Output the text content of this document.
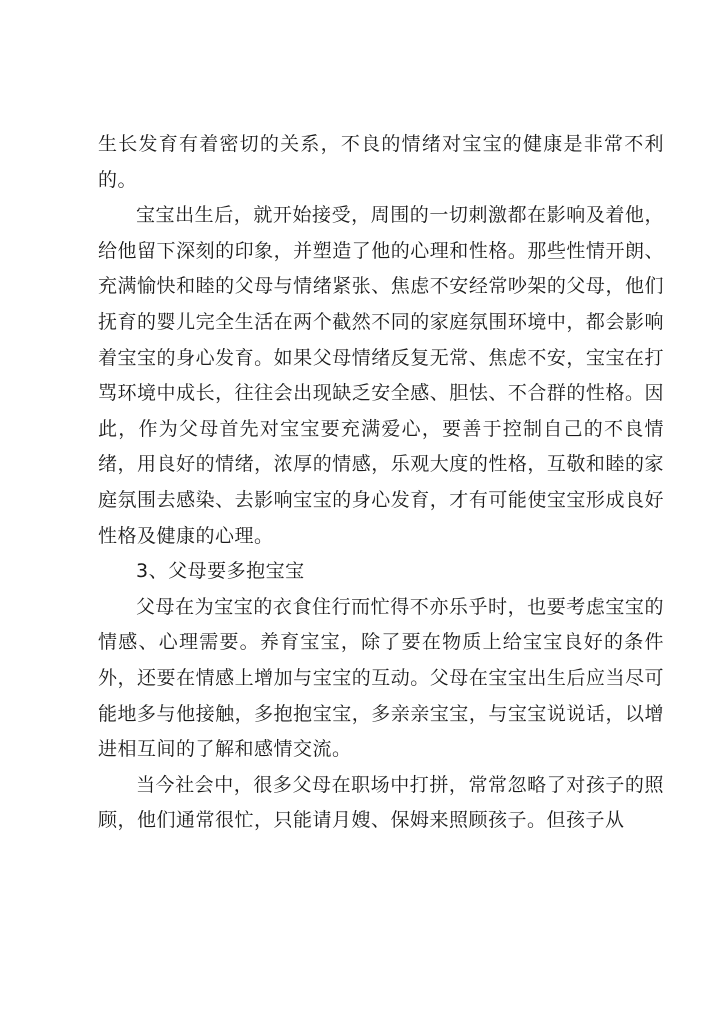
生长发育有着密切的关系，不良的情绪对宝宝的健康是非常不利的。

宝宝出生后，就开始接受，周围的一切刺激都在影响及着他，给他留下深刻的印象，并塑造了他的心理和性格。那些性情开朗、充满愉快和睦的父母与情绪紧张、焦虑不安经常吵架的父母，他们抚育的婴儿完全生活在两个截然不同的家庭氛围环境中，都会影响着宝宝的身心发育。如果父母情绪反复无常、焦虑不安，宝宝在打骂环境中成长，往往会出现缺乏安全感、胆怯、不合群的性格。因此，作为父母首先对宝宝要充满爱心，要善于控制自己的不良情绪，用良好的情绪，浓厚的情感，乐观大度的性格，互敬和睦的家庭氛围去感染、去影响宝宝的身心发育，才有可能使宝宝形成良好性格及健康的心理。

3、父母要多抱宝宝

父母在为宝宝的衣食住行而忙得不亦乐乎时，也要考虑宝宝的情感、心理需要。养育宝宝，除了要在物质上给宝宝良好的条件外，还要在情感上增加与宝宝的互动。父母在宝宝出生后应当尽可能地多与他接触，多抱抱宝宝，多亲亲宝宝，与宝宝说说话，以增进相互间的了解和感情交流。

当今社会中，很多父母在职场中打拼，常常忽略了对孩子的照顾，他们通常很忙，只能请月嫂、保姆来照顾孩子。但孩子从
